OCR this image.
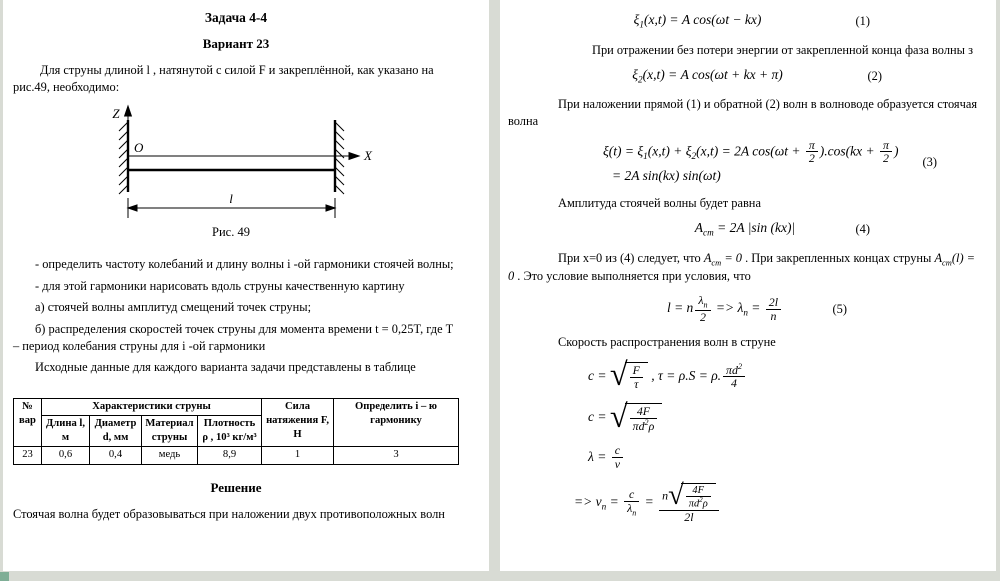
Задача 4-4
Вариант 23

Для струны длиной l , натянутой с силой F и закреплённой, как указано на рис.49, необходимо:

Z
X
O
l
Рис. 49

- определить частоту колебаний и длину волны i -ой гармоники стоячей волны;

- для этой гармоники нарисовать вдоль струны качественную картину

а) стоячей волны амплитуд смещений точек струны;

б) распределения скоростей точек струны для момента времени t = 0,25T, где Т – период колебания струны для i -ой гармоники

Исходные данные для каждого варианта задачи представлены в таблице

№ вар	Характеристики струны				Сила натяжения F, Н	Определить i – ю гармонику
	Длина l, м	Диаметр d, мм	Материал струны	Плотность ρ , 10³ кг/м³		
23	0,6	0,4	медь	8,9	1	3
Решение

Стоячая волна будет образовываться при наложении двух противоположных волн

$\xi_1(x,t) = A$ cos(ωt − kx)	(1)

При отражении без потери энергии от закрепленной конца фаза волны з

$\xi_2(x,t) = A$ cos(ωt + kx + π)	(2)

При наложении прямой (1) и обратной (2) волн в волноводе образуется стоячая волна

$\xi(t) = \xi_1(x,t) + \xi_2(x,t) = 2A$ $\cos(\omega t + \frac{\pi}{2} ).\cos(kx + \frac{\pi}{2}$ )
= 2A sin(kx) sin(ωt)
(3)

Амплитуда стоячей волны будет равна

$A_{ст} = 2A$ |sin (kx)|	(4)

При x=0 из (4) следует, что $A_{ст} = 0$ . При закрепленных концах струны $A_{ст}(l) = 0$ . Это условие выполняется при условия, что

l = n $\frac{\lambda_n}{2} => \lambda_n = \frac{2l}{n}$	(5)

Скорость распространения волн в струне

c = √ $\frac{F}{\tau}$ , τ = ρ.S = ρ. $\frac{\pi d^2}{4}$
c = √ $\frac{4F}{\pi d^2\rho}$
$\lambda = \frac{c}{\nu}$
=> $\nu_n = \frac{c}{\lambda_n} = \frac{n √ \frac{4F}{\pi d^2\rho}}{2l}$
